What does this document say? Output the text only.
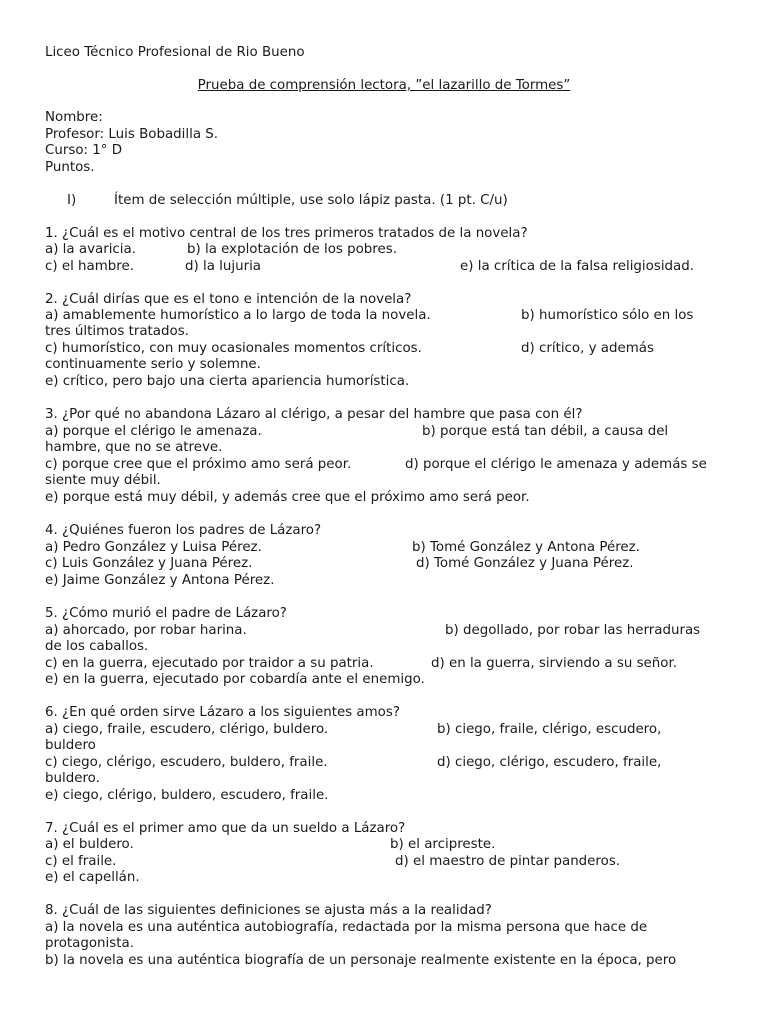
Liceo Técnico Profesional de Rio Bueno
Prueba de comprensión lectora, ”el lazarillo de Tormes”
Nombre:
Profesor: Luis Bobadilla S.
Curso: 1° D
Puntos.
I)	Ítem de selección múltiple, use solo lápiz pasta. (1 pt. C/u)
1. ¿Cuál es el motivo central de los tres primeros tratados de la novela?
a) la avaricia.	b) la explotación de los pobres.
c) el hambre.	d) la lujuria	e) la crítica de la falsa religiosidad.
2. ¿Cuál dirías que es el tono e intención de la novela?
a) amablemente humorístico a lo largo de toda la novela.	b) humorístico sólo en los
tres últimos tratados.
c) humorístico, con muy ocasionales momentos críticos.	d) crítico, y además
continuamente serio y solemne.
e) crítico, pero bajo una cierta apariencia humorística.
3. ¿Por qué no abandona Lázaro al clérigo, a pesar del hambre que pasa con él?
a) porque el clérigo le amenaza.	b) porque está tan débil, a causa del
hambre, que no se atreve.
c) porque cree que el próximo amo será peor.	d) porque el clérigo le amenaza y además se
siente muy débil.
e) porque está muy débil, y además cree que el próximo amo será peor.
4. ¿Quiénes fueron los padres de Lázaro?
a) Pedro González y Luisa Pérez.	b) Tomé González y Antona Pérez.
c) Luis González y Juana Pérez.	d) Tomé González y Juana Pérez.
e) Jaime González y Antona Pérez.
5. ¿Cómo murió el padre de Lázaro?
a) ahorcado, por robar harina.	b) degollado, por robar las herraduras
de los caballos.
c) en la guerra, ejecutado por traidor a su patria.	d) en la guerra, sirviendo a su señor.
e) en la guerra, ejecutado por cobardía ante el enemigo.
6. ¿En qué orden sirve Lázaro a los siguientes amos?
a) ciego, fraile, escudero, clérigo, buldero.	b) ciego, fraile, clérigo, escudero,
buldero
c) ciego, clérigo, escudero, buldero, fraile.	d) ciego, clérigo, escudero, fraile,
buldero.
e) ciego, clérigo, buldero, escudero, fraile.
7. ¿Cuál es el primer amo que da un sueldo a Lázaro?
a) el buldero.	b) el arcipreste.
c) el fraile.	d) el maestro de pintar panderos.
e) el capellán.
8. ¿Cuál de las siguientes definiciones se ajusta más a la realidad?
a) la novela es una auténtica autobiografía, redactada por la misma persona que hace de
protagonista.
b) la novela es una auténtica biografía de un personaje realmente existente en la época, pero
